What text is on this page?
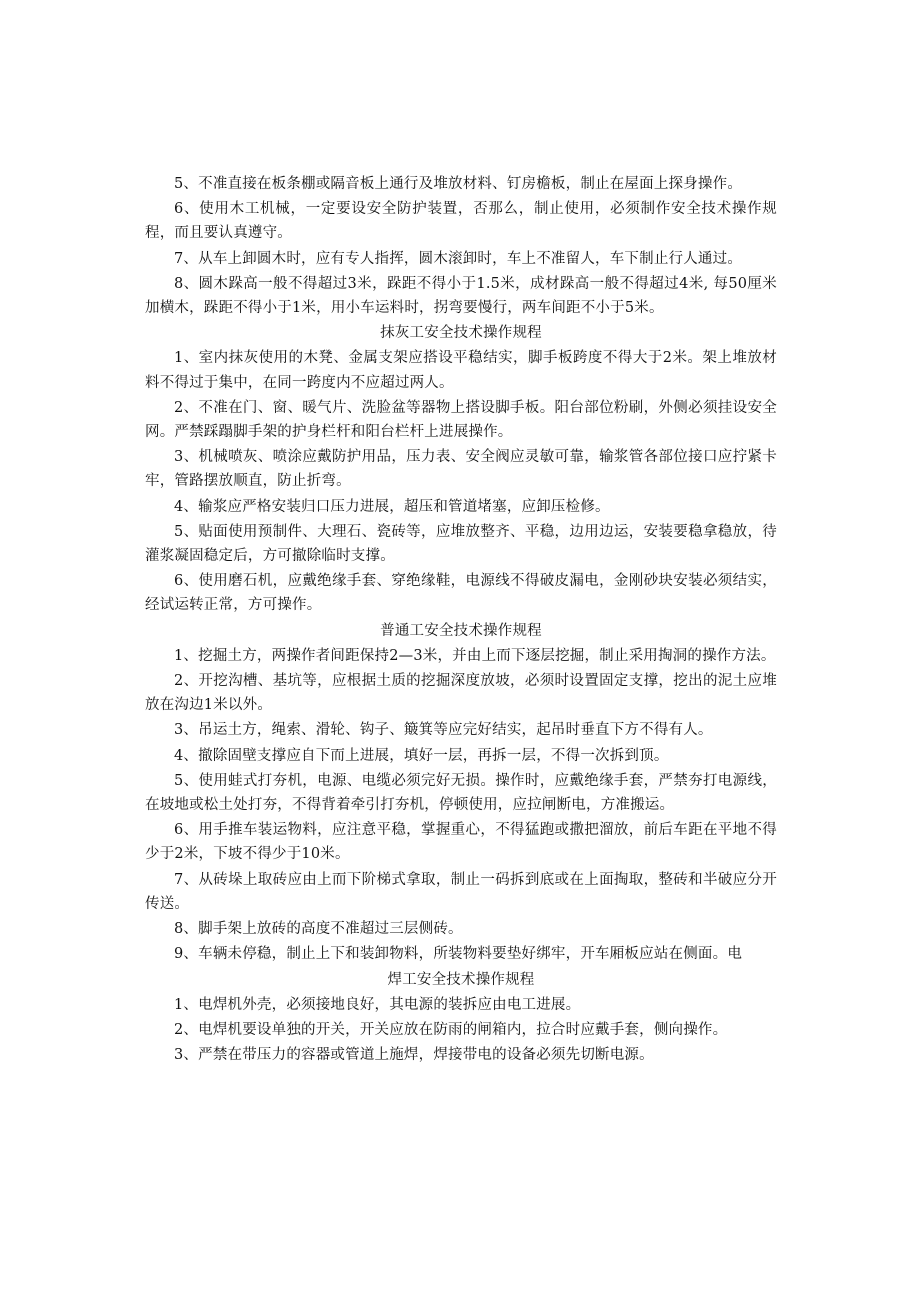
5、不准直接在板条棚或隔音板上通行及堆放材料、钉房檐板，制止在屋面上探身操作。

6、使用木工机械，一定要设安全防护装置，否那么，制止使用，必须制作安全技术操作规程，而且要认真遵守。

7、从车上卸圆木时，应有专人指挥，圆木滚卸时，车上不准留人，车下制止行人通过。

8、圆木跺高一般不得超过3米，跺距不得小于1.5米，成材跺高一般不得超过4米, 每50厘米加横木，跺距不得小于1米，用小车运料时，拐弯要慢行，两车间距不小于5米。

抹灰工安全技术操作规程

1、室内抹灰使用的木凳、金属支架应搭设平稳结实，脚手板跨度不得大于2米。架上堆放材料不得过于集中，在同一跨度内不应超过两人。

2、不准在门、窗、暖气片、洗脸盆等器物上搭设脚手板。阳台部位粉刷，外侧必须挂设安全网。严禁踩蹋脚手架的护身栏杆和阳台栏杆上进展操作。

3、机械喷灰、喷涂应戴防护用品，压力表、安全阀应灵敏可靠，输浆管各部位接口应拧紧卡牢，管路摆放顺直，防止折弯。

4、输浆应严格安装归口压力进展，超压和管道堵塞，应卸压检修。

5、贴面使用预制件、大理石、瓷砖等，应堆放整齐、平稳，边用边运，安装要稳拿稳放，待灌浆凝固稳定后，方可撤除临时支撑。

6、使用磨石机，应戴绝缘手套、穿绝缘鞋，电源线不得破皮漏电，金刚砂块安装必须结实，经试运转正常，方可操作。

普通工安全技术操作规程

1、挖掘土方，两操作者间距保持2—3米，并由上而下逐层挖掘，制止采用掏洞的操作方法。

2、开挖沟槽、基坑等，应根据土质的挖掘深度放坡，必须时设置固定支撑，挖出的泥土应堆放在沟边1米以外。

3、吊运土方，绳索、滑轮、钩子、簸箕等应完好结实，起吊时垂直下方不得有人。

4、撤除固壁支撑应自下而上进展，填好一层，再拆一层，不得一次拆到顶。

5、使用蛙式打夯机，电源、电缆必须完好无损。操作时，应戴绝缘手套，严禁夯打电源线，在坡地或松土处打夯，不得背着牵引打夯机，停顿使用，应拉闸断电，方准搬运。

6、用手推车装运物料，应注意平稳，掌握重心，不得猛跑或撒把溜放，前后车距在平地不得少于2米，下坡不得少于10米。

7、从砖垛上取砖应由上而下阶梯式拿取，制止一码拆到底或在上面掏取，整砖和半破应分开传送。

8、脚手架上放砖的高度不准超过三层侧砖。

9、车辆未停稳，制止上下和装卸物料，所装物料要垫好绑牢，开车厢板应站在侧面。电

焊工安全技术操作规程

1、电焊机外壳，必须接地良好，其电源的装拆应由电工进展。

2、电焊机要设单独的开关，开关应放在防雨的闸箱内，拉合时应戴手套，侧向操作。

3、严禁在带压力的容器或管道上施焊，焊接带电的设备必须先切断电源。
